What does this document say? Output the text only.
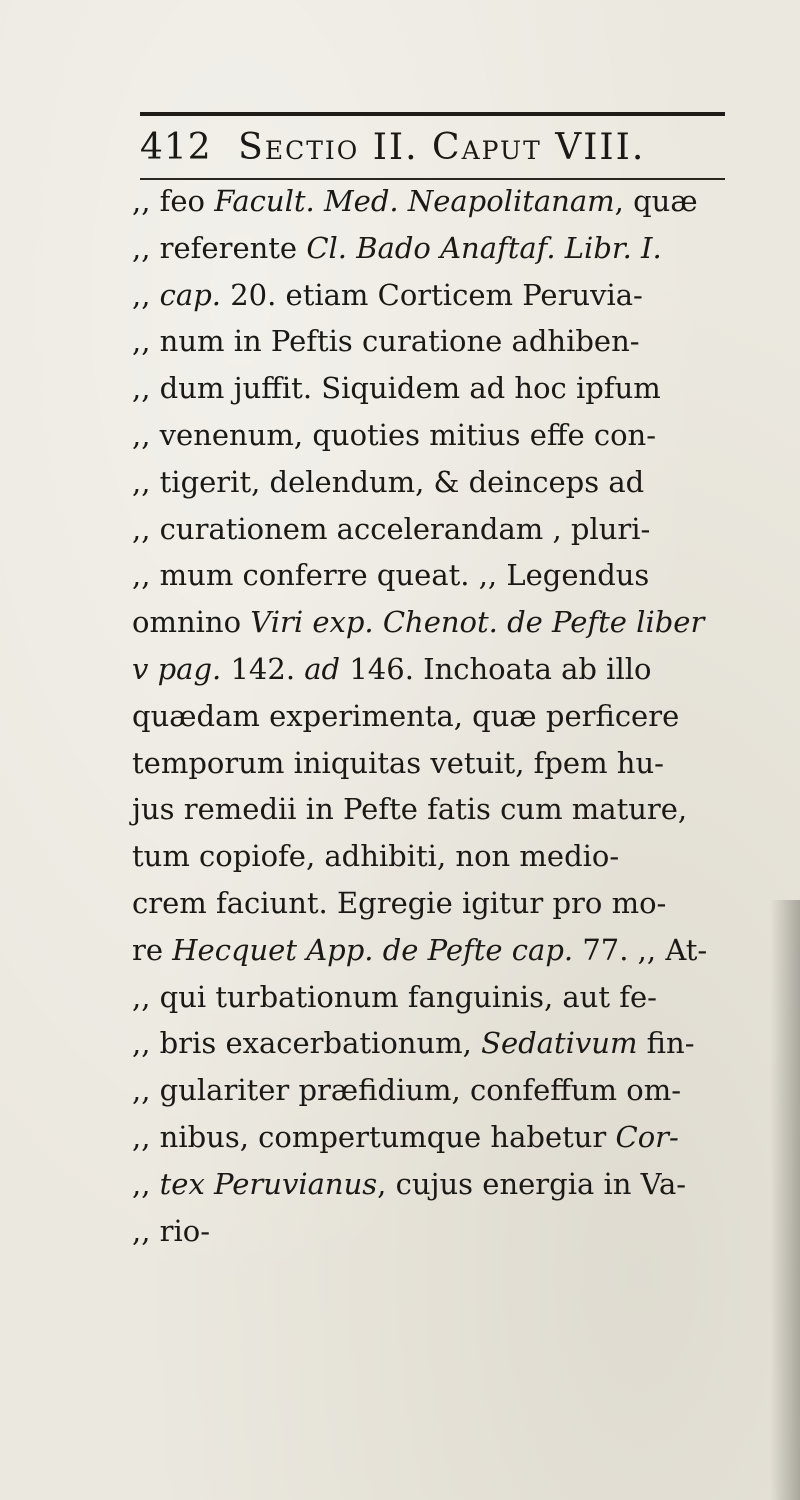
412 Sectio II. Caput VIII.
,, feo Facult. Med. Neapolitanam, quæ
,, referente Cl. Bado Anaftaf. Libr. I.
,, cap. 20. etiam Corticem Peruvia-
,, num in Peftis curatione adhiben-
,, dum juffit. Siquidem ad hoc ipfum
,, venenum, quoties mitius effe con-
,, tigerit, delendum, & deinceps ad
,, curationem accelerandam , pluri-
,, mum conferre queat. ,, Legendus
omnino Viri exp. Chenot. de Pefte liber
v pag. 142. ad 146. Inchoata ab illo
quædam experimenta, quæ perficere
temporum iniquitas vetuit, fpem hu-
jus remedii in Pefte fatis cum mature,
tum copiofe, adhibiti, non medio-
crem faciunt. Egregie igitur pro mo-
re Hecquet App. de Pefte cap. 77. ,, At-
,, qui turbationum fanguinis, aut fe-
,, bris exacerbationum, Sedativum fin-
,, gulariter præfidium, confeffum om-
,, nibus, compertumque habetur Cor-
,, tex Peruvianus, cujus energia in Va-
,, rio-
